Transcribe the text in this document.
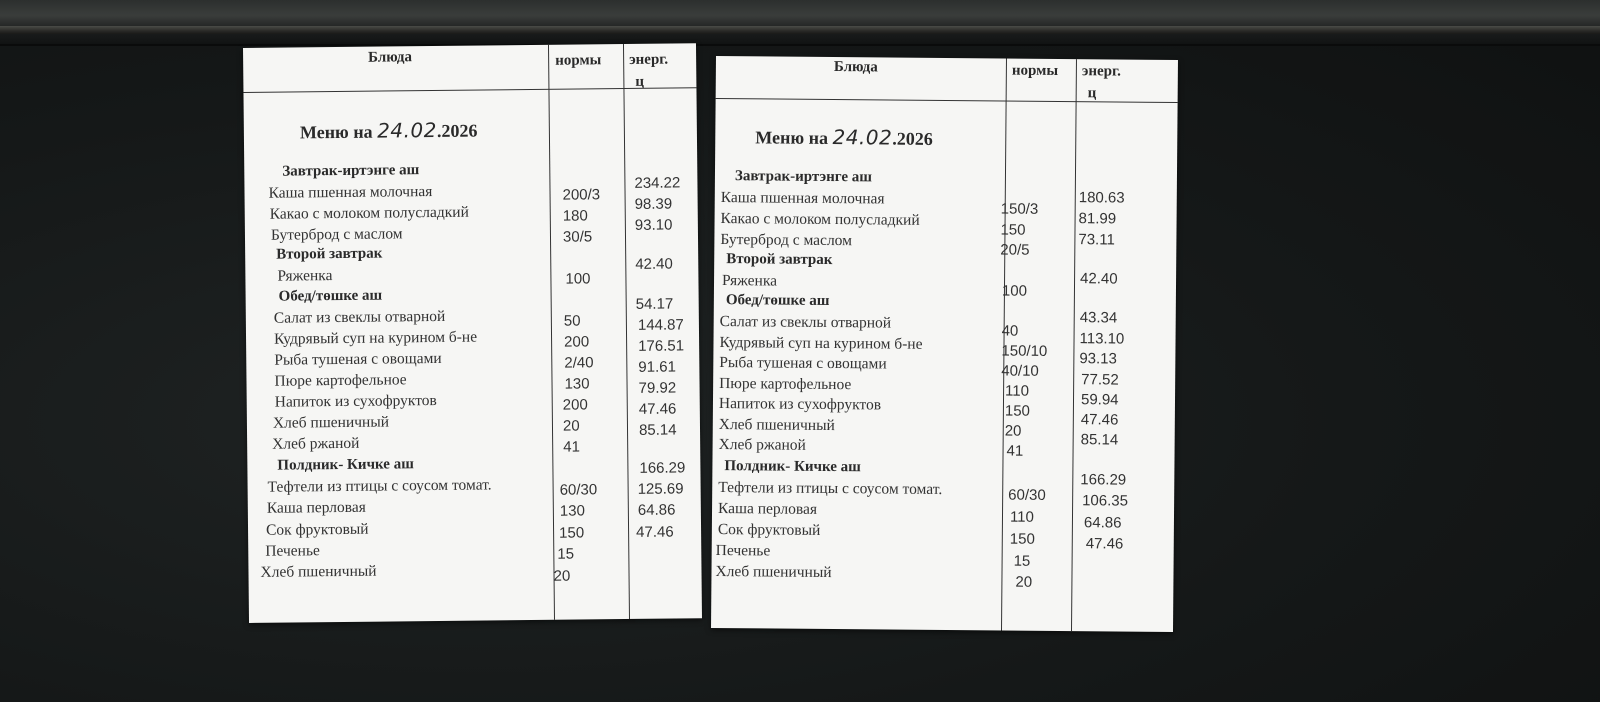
Блюда	нормы энерг.
ц
Меню на 24.02.2026
Завтрак-иртэнге аш
Каша пшенная молочная
Какао с молоком полусладкий
Бутерброд с маслом
Второй завтрак
Ряженка
Обед/төшке аш
Салат из свеклы отварной
Кудрявый суп на курином б-не
Рыба тушеная с овощами
Пюре картофельное
Напиток из сухофруктов
Хлеб пшеничный
Хлеб ржаной
Полдник- Кичке аш
Тефтели из птицы с соусом томат.
Каша перловая
Сок фруктовый
Печенье
Хлеб пшеничный
200/3
180
30/5
100
50
200
2/40
130
200
20
41
60/30
130
150
15
20
234.22
98.39
93.10
42.40
54.17
144.87
176.51
91.61
79.92
47.46
85.14
166.29
125.69
64.86
47.46
Блюда	нормы энерг.
ц
Меню на 24.02.2026
Завтрак-иртэнге аш
Каша пшенная молочная
Какао с молоком полусладкий
Бутерброд с маслом
Второй завтрак
Ряженка
Обед/төшке аш
Салат из свеклы отварной
Кудрявый суп на курином б-не
Рыба тушеная с овощами
Пюре картофельное
Напиток из сухофруктов
Хлеб пшеничный
Хлеб ржаной
Полдник- Кичке аш
Тефтели из птицы с соусом томат.
Каша перловая
Сок фруктовый
Печенье
Хлеб пшеничный
150/3
150
20/5
100
40
150/10
40/10
110
150
20
41
60/30
110
150
15
20
180.63
81.99
73.11
42.40
43.34
113.10
93.13
77.52
59.94
47.46
85.14
166.29
106.35
64.86
47.46
